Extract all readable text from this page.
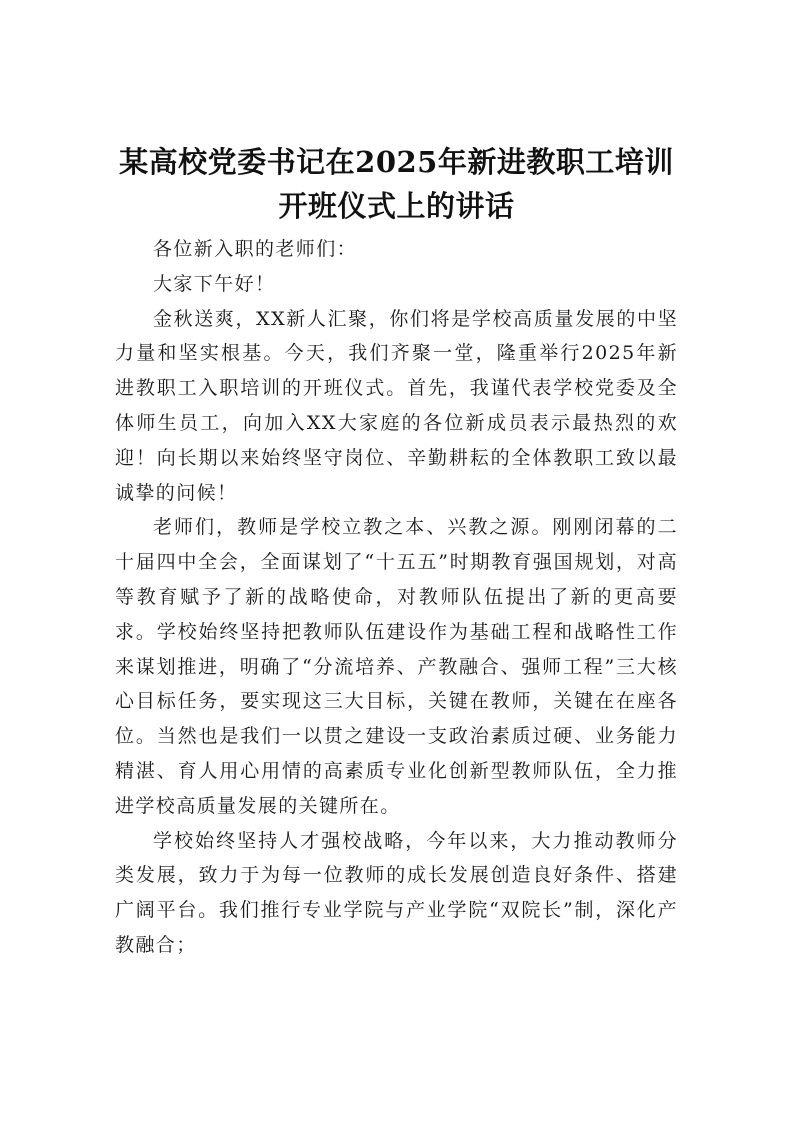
某高校党委书记在2025年新进教职工培训开班仪式上的讲话

各位新入职的老师们：

大家下午好！

金秋送爽，XX新人汇聚，你们将是学校高质量发展的中坚力量和坚实根基。今天，我们齐聚一堂，隆重举行2025年新进教职工入职培训的开班仪式。首先，我谨代表学校党委及全体师生员工，向加入XX大家庭的各位新成员表示最热烈的欢迎！向长期以来始终坚守岗位、辛勤耕耘的全体教职工致以最诚挚的问候！

老师们，教师是学校立教之本、兴教之源。刚刚闭幕的二十届四中全会，全面谋划了“十五五”时期教育强国规划，对高等教育赋予了新的战略使命，对教师队伍提出了新的更高要求。学校始终坚持把教师队伍建设作为基础工程和战略性工作来谋划推进，明确了“分流培养、产教融合、强师工程”三大核心目标任务，要实现这三大目标，关键在教师，关键在在座各位。当然也是我们一以贯之建设一支政治素质过硬、业务能力精湛、育人用心用情的高素质专业化创新型教师队伍，全力推进学校高质量发展的关键所在。

学校始终坚持人才强校战略，今年以来，大力推动教师分类发展，致力于为每一位教师的成长发展创造良好条件、搭建广阔平台。我们推行专业学院与产业学院“双院长”制，深化产教融合；
